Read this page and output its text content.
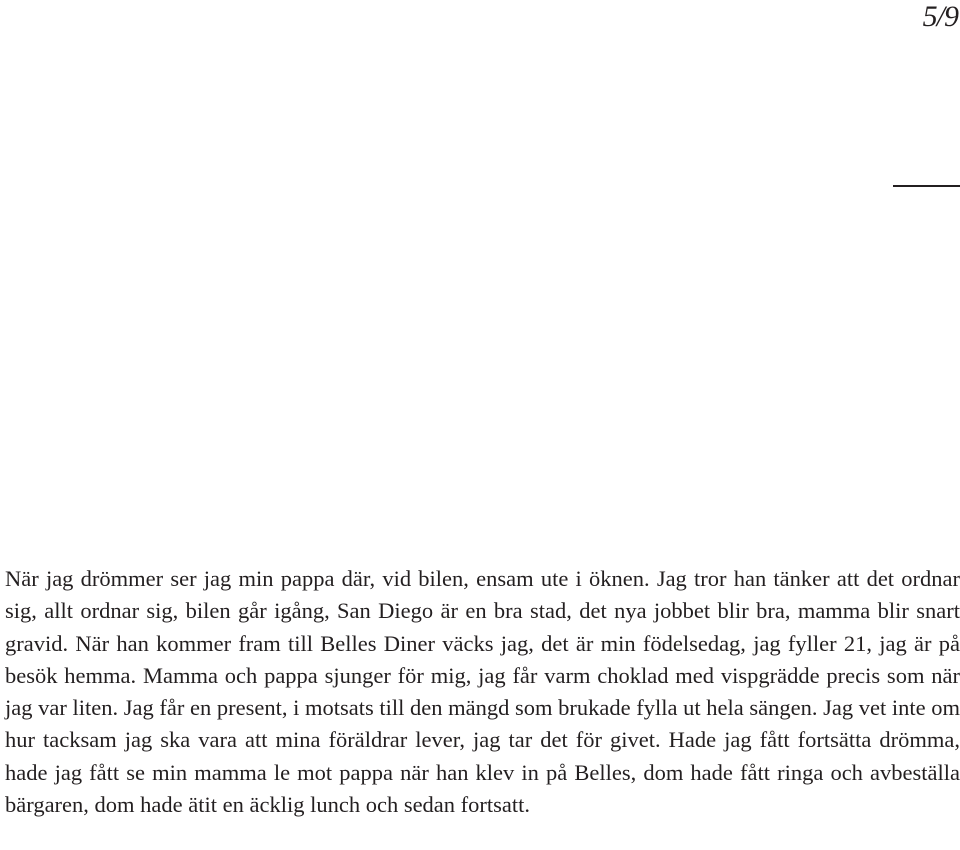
5/9

När jag drömmer ser jag min pappa där, vid bilen, ensam ute i öknen. Jag tror han tänker att det ordnar sig, allt ordnar sig, bilen går igång, San Diego är en bra stad, det nya jobbet blir bra, mamma blir snart gravid. När han kommer fram till Belles Diner väcks jag, det är min födelsedag, jag fyller 21, jag är på besök hemma. Mamma och pappa sjunger för mig, jag får varm choklad med vispgrädde precis som när jag var liten. Jag får en present, i motsats till den mängd som brukade fylla ut hela sängen. Jag vet inte om hur tacksam jag ska vara att mina föräldrar lever, jag tar det för givet. Hade jag fått fortsätta drömma, hade jag fått se min mamma le mot pappa när han klev in på Belles, dom hade fått ringa och avbeställa bärgaren, dom hade ätit en äcklig lunch och sedan fortsatt.
